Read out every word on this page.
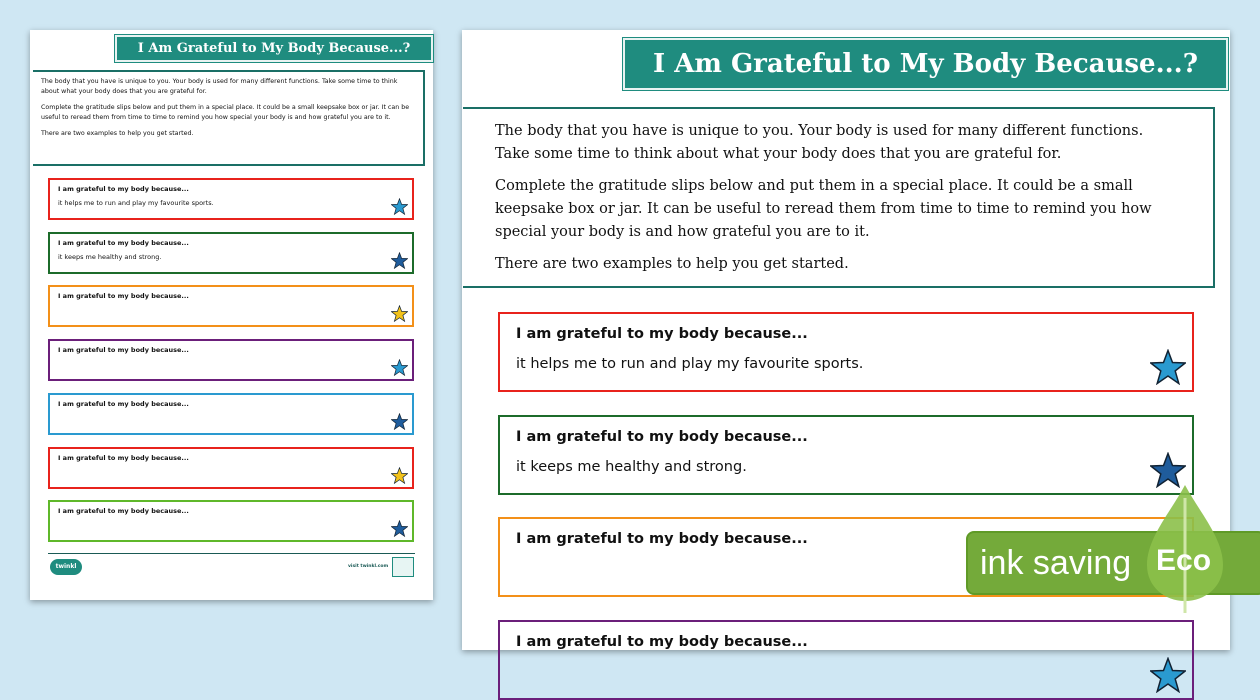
I Am Grateful to My Body Because...?

The body that you have is unique to you. Your body is used for many different functions. Take some time to think about what your body does that you are grateful for.

Complete the gratitude slips below and put them in a special place. It could be a small keepsake box or jar. It can be useful to reread them from time to time to remind you how special your body is and how grateful you are to it.

There are two examples to help you get started.

I am grateful to my body because...
it helps me to run and play my favourite sports.
I am grateful to my body because...
it keeps me healthy and strong.
I am grateful to my body because...
I am grateful to my body because...
I am grateful to my body because...
I am grateful to my body because...
I am grateful to my body because...
twinkl	visit twinkl.com
I Am Grateful to My Body Because...?

The body that you have is unique to you. Your body is used for many different functions. Take some time to think about what your body does that you are grateful for.

Complete the gratitude slips below and put them in a special place. It could be a small keepsake box or jar. It can be useful to reread them from time to time to remind you how special your body is and how grateful you are to it.

There are two examples to help you get started.

I am grateful to my body because...
it helps me to run and play my favourite sports.
I am grateful to my body because...
it keeps me healthy and strong.
I am grateful to my body because...
I am grateful to my body because...
ink saving Eco
